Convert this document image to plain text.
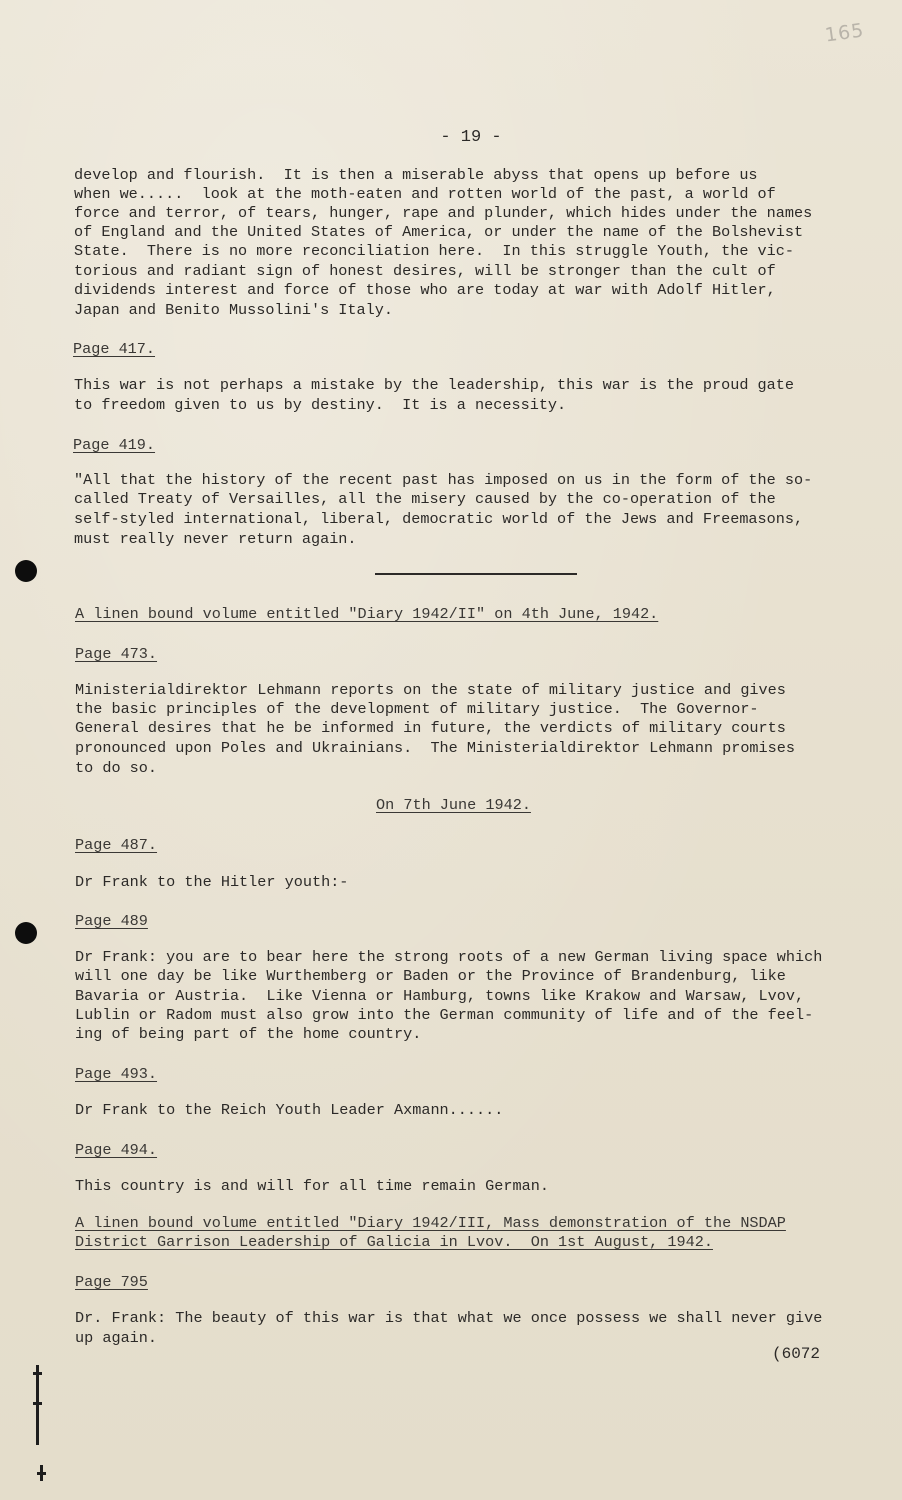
165
- 19 -
develop and flourish.  It is then a miserable abyss that opens up before us
when we.....  look at the moth-eaten and rotten world of the past, a world of
force and terror, of tears, hunger, rape and plunder, which hides under the names
of England and the United States of America, or under the name of the Bolshevist
State.  There is no more reconciliation here.  In this struggle Youth, the vic-
torious and radiant sign of honest desires, will be stronger than the cult of
dividends interest and force of those who are today at war with Adolf Hitler,
Japan and Benito Mussolini's Italy.
Page 417.
This war is not perhaps a mistake by the leadership, this war is the proud gate
to freedom given to us by destiny.  It is a necessity.
Page 419.
"All that the history of the recent past has imposed on us in the form of the so-
called Treaty of Versailles, all the misery caused by the co-operation of the
self-styled international, liberal, democratic world of the Jews and Freemasons,
must really never return again.
A linen bound volume entitled "Diary 1942/II" on 4th June, 1942.
Page 473.
Ministerialdirektor Lehmann reports on the state of military justice and gives
the basic principles of the development of military justice.  The Governor-
General desires that he be informed in future, the verdicts of military courts
pronounced upon Poles and Ukrainians.  The Ministerialdirektor Lehmann promises
to do so.
On 7th June 1942.
Page 487.
Dr Frank to the Hitler youth:-
Page 489
Dr Frank: you are to bear here the strong roots of a new German living space which
will one day be like Wurthemberg or Baden or the Province of Brandenburg, like
Bavaria or Austria.  Like Vienna or Hamburg, towns like Krakow and Warsaw, Lvov,
Lublin or Radom must also grow into the German community of life and of the feel-
ing of being part of the home country.
Page 493.
Dr Frank to the Reich Youth Leader Axmann......
Page 494.
This country is and will for all time remain German.
A linen bound volume entitled "Diary 1942/III, Mass demonstration of the NSDAP
District Garrison Leadership of Galicia in Lvov.  On 1st August, 1942.
Page 795
Dr. Frank: The beauty of this war is that what we once possess we shall never give
up again.
(6072
